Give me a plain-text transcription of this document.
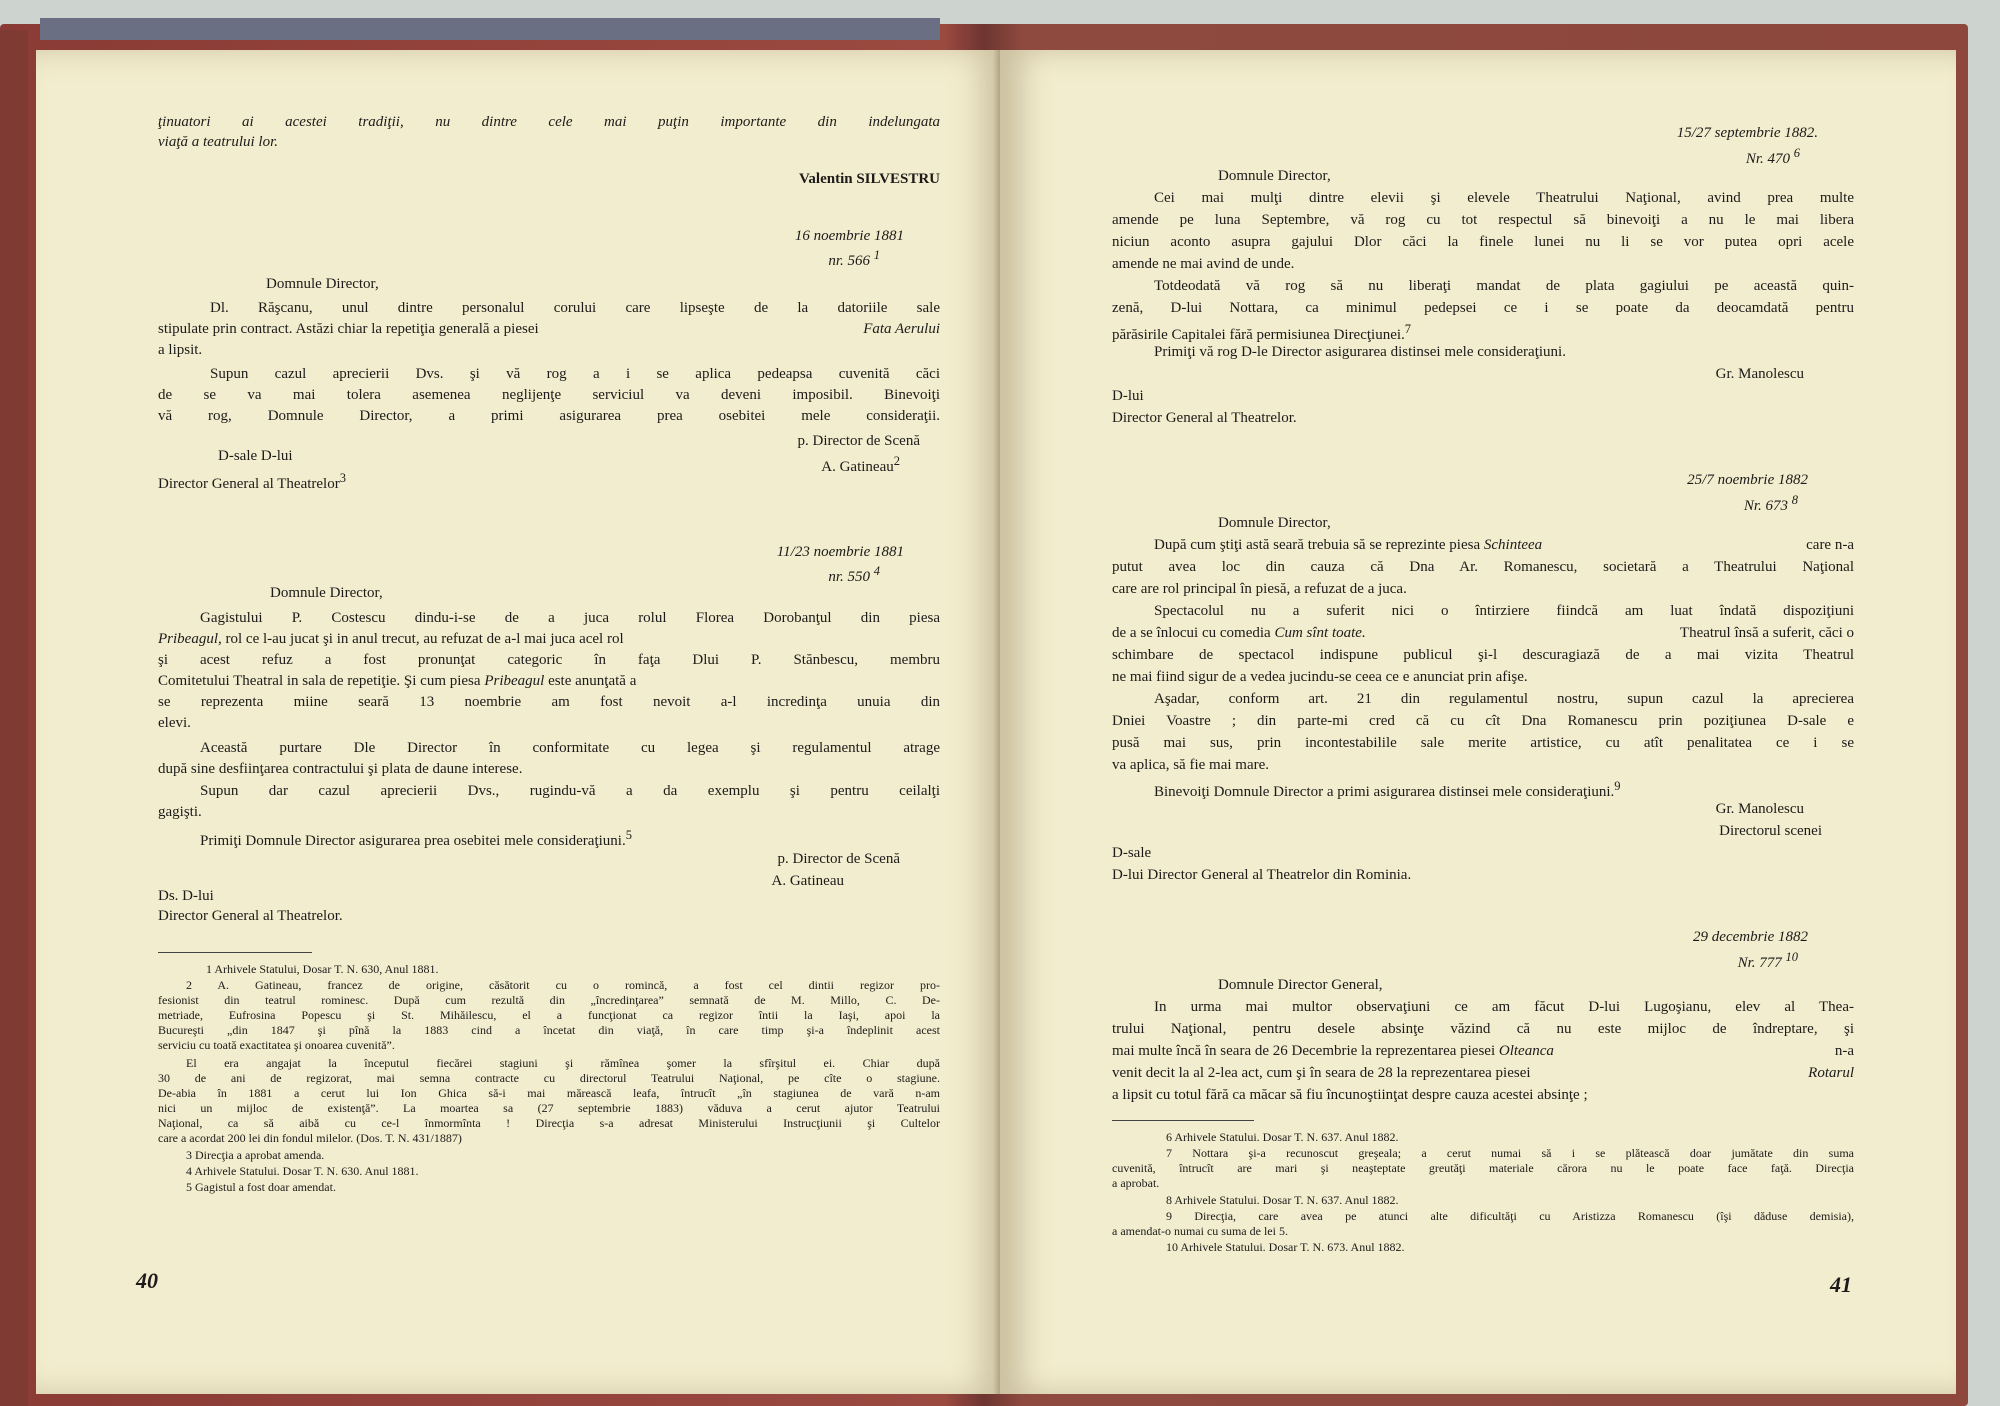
ţinuatori ai acestei tradiţii, nu dintre cele mai puţin importante din indelungata
viaţă a teatrului lor.
Valentin SILVESTRU
16 noembrie 1881
nr. 566 $^1$
Domnule Director,
Dl. Răşcanu, unul dintre personalul corului care lipseşte de la datoriile sale
stipulate prin contract. Astăzi chiar la repetiţia generală a piesei	Fata Aerului
a lipsit.
Supun cazul aprecierii Dvs. şi vă rog a i se aplica pedeapsa cuvenită căci
de se va mai tolera asemenea neglijenţe serviciul va deveni imposibil. Binevoiţi
vă rog, Domnule Director, a primi asigurarea prea osebitei mele consideraţii.
p. Director de Scenă
D-sale D-lui
A. Gatineau$^2$
Director General al Theatrelor$^3$
11/23 noembrie 1881
nr. 550 $^4$
Domnule Director,
Gagistului P. Costescu dindu-i-se de a juca rolul Florea Dorobanţul din piesa
Pribeagul, rol ce l-au jucat şi in anul trecut, au refuzat de a-l mai juca acel rol
şi acest refuz a fost pronunţat categoric în faţa Dlui P. Stănbescu, membru
Comitetului Theatral in sala de repetiţie. Şi cum piesa Pribeagul este anunţată a
se reprezenta miine seară 13 noembrie am fost nevoit a-l incredinţa unuia din
elevi.
Această purtare Dle Director în conformitate cu legea şi regulamentul atrage
după sine desfiinţarea contractului şi plata de daune interese.
Supun dar cazul aprecierii Dvs., rugindu-vă a da exemplu şi pentru ceilalţi
gagişti.
Primiţi Domnule Director asigurarea prea osebitei mele consideraţiuni.$^5$
p. Director de Scenă
A. Gatineau
Ds. D-lui
Director General al Theatrelor.
1 Arhivele Statului, Dosar T. N. 630, Anul 1881.
2 A. Gatineau, francez de origine, căsătorit cu o romincă, a fost cel dintii regizor pro-
fesionist din teatrul rominesc. După cum rezultă din „încredinţarea” semnată de M. Millo, C. De-
metriade, Eufrosina Popescu şi St. Mihăilescu, el a funcţionat ca regizor întii la Iaşi, apoi la
Bucureşti „din 1847 şi pînă la 1883 cind a încetat din viaţă, în care timp şi-a îndeplinit acest
serviciu cu toată exactitatea şi onoarea cuvenită”.
El era angajat la începutul fiecărei stagiuni şi rămînea şomer la sfîrşitul ei. Chiar după
30 de ani de regizorat, mai semna contracte cu directorul Teatrului Naţional, pe cîte o stagiune.
De-abia în 1881 a cerut lui Ion Ghica să-i mai mărească leafa, întrucît „în stagiunea de vară n-am
nici un mijloc de existenţă”. La moartea sa (27 septembrie 1883) văduva a cerut ajutor Teatrului
Naţional, ca să aibă cu ce-l înmormînta ! Direcţia s-a adresat Ministerului Instrucţiunii şi Cultelor
care a acordat 200 lei din fondul milelor. (Dos. T. N. 431/1887)
3 Direcţia a aprobat amenda.
4 Arhivele Statului. Dosar T. N. 630. Anul 1881.
5 Gagistul a fost doar amendat.
40
15/27 septembrie 1882.
Nr. 470 $^6$
Domnule Director,
Cei mai mulţi dintre elevii şi elevele Theatrului Naţional, avind prea multe
amende pe luna Septembre, vă rog cu tot respectul să binevoiţi a nu le mai libera
niciun aconto asupra gajului Dlor căci la finele lunei nu li se vor putea opri acele
amende ne mai avind de unde.
Totdeodată vă rog să nu liberaţi mandat de plata gagiului pe această quin-
zenă, D-lui Nottara, ca minimul pedepsei ce i se poate da deocamdată pentru
părăsirile Capitalei fără permisiunea Direcţiunei.$^7$
Primiţi vă rog D-le Director asigurarea distinsei mele consideraţiuni.
Gr. Manolescu
D-lui
Director General al Theatrelor.
25/7 noembrie 1882
Nr. 673 $^8$
Domnule Director,
După cum ştiţi astă seară trebuia să se reprezinte piesa Schinteea	care n-a
putut avea loc din cauza că Dna Ar. Romanescu, societară a Theatrului Naţional
care are rol principal în piesă, a refuzat de a juca.
Spectacolul nu a suferit nici o întirziere fiindcă am luat îndată dispoziţiuni
de a se înlocui cu comedia Cum sînt toate.	Theatrul însă a suferit, căci o
schimbare de spectacol indispune publicul şi-l descuragiază de a mai vizita Theatrul
ne mai fiind sigur de a vedea jucindu-se ceea ce e anunciat prin afişe.
Aşadar, conform art. 21 din regulamentul nostru, supun cazul la aprecierea
Dniei Voastre ; din parte-mi cred că cu cît Dna Romanescu prin poziţiunea D-sale e
pusă mai sus, prin incontestabilile sale merite artistice, cu atît penalitatea ce i se
va aplica, să fie mai mare.
Binevoiţi Domnule Director a primi asigurarea distinsei mele consideraţiuni.$^9$
Gr. Manolescu
Directorul scenei
D-sale
D-lui Director General al Theatrelor din Rominia.
29 decembrie 1882
Nr. 777 $^{10}$
Domnule Director General,
In urma mai multor observaţiuni ce am făcut D-lui Lugoşianu, elev al Thea-
trului Naţional, pentru desele absinţe văzind că nu este mijloc de îndreptare, şi
mai multe încă în seara de 26 Decembrie la reprezentarea piesei Olteanca	n-a
venit decit la al 2-lea act, cum şi în seara de 28 la reprezentarea piesei	Rotarul
a lipsit cu totul fără ca măcar să fiu încunoştiinţat despre cauza acestei absinţe ;
6 Arhivele Statului. Dosar T. N. 637. Anul 1882.
7 Nottara şi-a recunoscut greşeala; a cerut numai să i se plătească doar jumătate din suma
cuvenită, întrucît are mari şi neaşteptate greutăţi materiale cărora nu le poate face faţă. Direcţia
a aprobat.
8 Arhivele Statului. Dosar T. N. 637. Anul 1882.
9 Direcţia, care avea pe atunci alte dificultăţi cu Aristizza Romanescu (îşi dăduse demisia),
a amendat-o numai cu suma de lei 5.
10 Arhivele Statului. Dosar T. N. 673. Anul 1882.
41
